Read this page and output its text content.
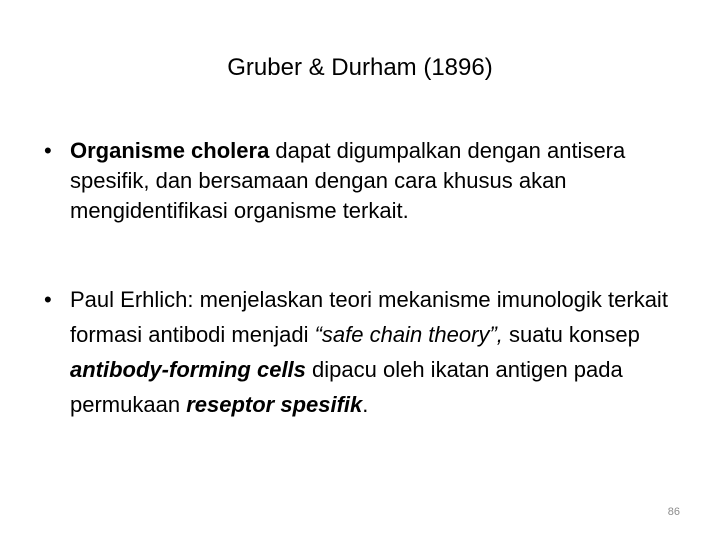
Gruber & Durham (1896)
• Organisme cholera dapat digumpalkan dengan antisera spesifik, dan bersamaan dengan cara khusus akan mengidentifikasi organisme terkait.
• Paul Erhlich: menjelaskan teori mekanisme imunologik terkait formasi antibodi menjadi “safe chain theory”, suatu konsep antibody-forming cells dipacu oleh ikatan antigen pada permukaan reseptor spesifik.
86
